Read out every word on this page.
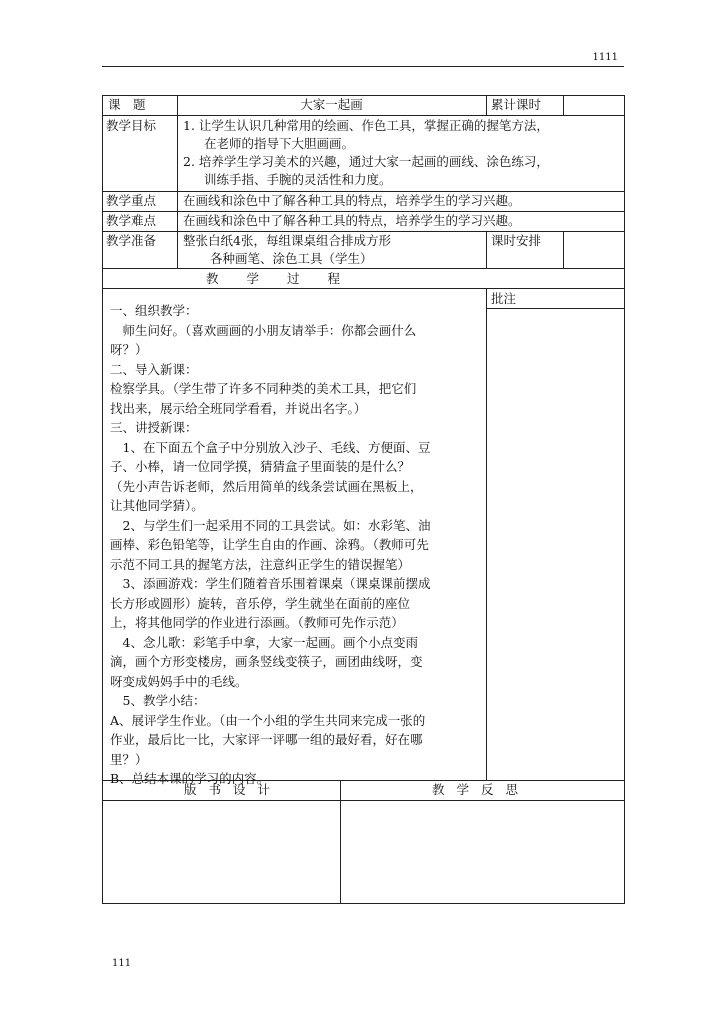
1111
111
课　题	大家一起画	累计课时
教学目标 1. 让学生认识几种常用的绘画、作色工具，掌握正确的握笔方法，
在老师的指导下大胆画画。
2. 培养学生学习美术的兴趣，通过大家一起画的画线、涂色练习，
训练手指、手腕的灵活性和力度。
教学重点 在画线和涂色中了解各种工具的特点，培养学生的学习兴趣。
教学难点 在画线和涂色中了解各种工具的特点，培养学生的学习兴趣。
教学准备 整张白纸4张，每组课桌组合排成方形
各种画笔、涂色工具（学生）
课时安排
教学过程
批注
一、组织教学：
　师生问好。（喜欢画画的小朋友请举手：你都会画什么
呀？）
二、导入新课：
检察学具。（学生带了许多不同种类的美术工具，把它们
找出来，展示给全班同学看看，并说出名字。）
三、讲授新课：
　1、在下面五个盒子中分别放入沙子、毛线、方便面、豆
子、小棒，请一位同学摸，猜猜盒子里面装的是什么？
（先小声告诉老师，然后用简单的线条尝试画在黑板上，
让其他同学猜）。
　2、与学生们一起采用不同的工具尝试。如：水彩笔、油
画棒、彩色铅笔等，让学生自由的作画、涂鸦。（教师可先
示范不同工具的握笔方法，注意纠正学生的错误握笔）
　3、添画游戏：学生们随着音乐围着课桌（课桌课前摆成
长方形或圆形）旋转，音乐停，学生就坐在面前的座位
上，将其他同学的作业进行添画。（教师可先作示范）
　4、念儿歌：彩笔手中拿，大家一起画。画个小点变雨
滴，画个方形变楼房，画条竖线变筷子，画团曲线呀，变
呀变成妈妈手中的毛线。
　5、教学小结：
A、展评学生作业。（由一个小组的学生共同来完成一张的
作业，最后比一比，大家评一评哪一组的最好看，好在哪
里？）
B、总结本课的学习的内容。
版书设计	教学反思
